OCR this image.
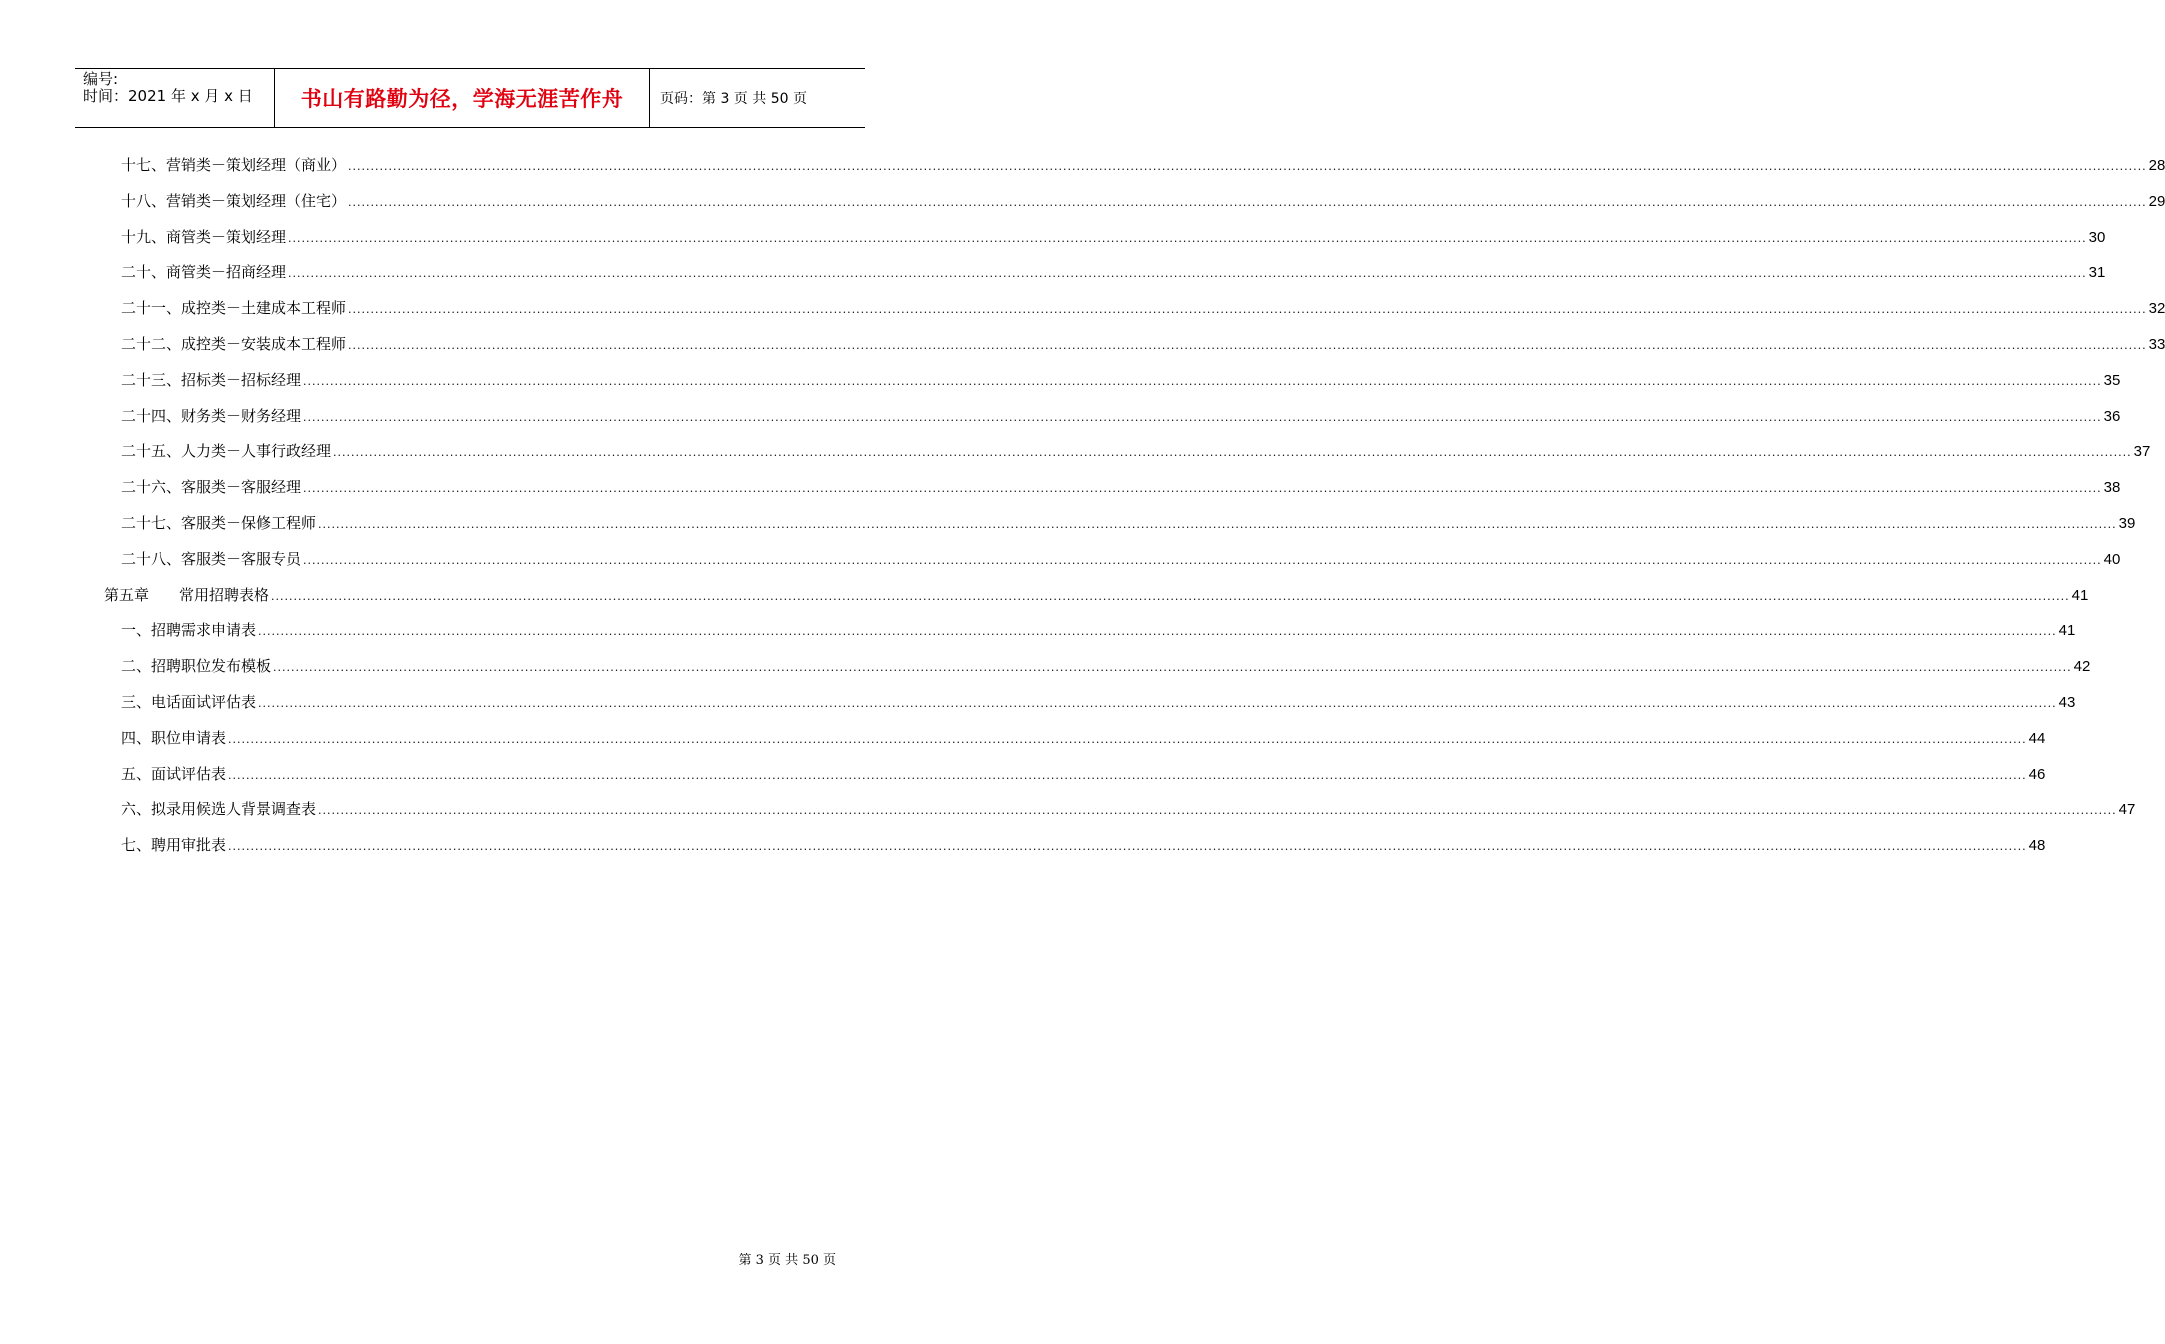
编号:
时间：2021 年 x 月 x 日	书山有路勤为径，学海无涯苦作舟	页码：第 3 页 共 50 页
十七、营销类－策划经理（商业） ................................................................................................................................................................................................................................................................................................................................................................................................................ 28
十八、营销类－策划经理（住宅） ................................................................................................................................................................................................................................................................................................................................................................................................................ 29
十九、商管类－策划经理 ................................................................................................................................................................................................................................................................................................................................................................................................................ 30
二十、商管类－招商经理 ................................................................................................................................................................................................................................................................................................................................................................................................................ 31
二十一、成控类－土建成本工程师 ................................................................................................................................................................................................................................................................................................................................................................................................................ 32
二十二、成控类－安装成本工程师 ................................................................................................................................................................................................................................................................................................................................................................................................................ 33
二十三、招标类－招标经理 ................................................................................................................................................................................................................................................................................................................................................................................................................ 35
二十四、财务类－财务经理 ................................................................................................................................................................................................................................................................................................................................................................................................................ 36
二十五、人力类－人事行政经理 ................................................................................................................................................................................................................................................................................................................................................................................................................ 37
二十六、客服类－客服经理 ................................................................................................................................................................................................................................................................................................................................................................................................................ 38
二十七、客服类－保修工程师 ................................................................................................................................................................................................................................................................................................................................................................................................................ 39
二十八、客服类－客服专员 ................................................................................................................................................................................................................................................................................................................................................................................................................ 40
第五章　　常用招聘表格 ................................................................................................................................................................................................................................................................................................................................................................................................................ 41
一、招聘需求申请表 ................................................................................................................................................................................................................................................................................................................................................................................................................ 41
二、招聘职位发布模板 ................................................................................................................................................................................................................................................................................................................................................................................................................ 42
三、电话面试评估表 ................................................................................................................................................................................................................................................................................................................................................................................................................ 43
四、职位申请表 ................................................................................................................................................................................................................................................................................................................................................................................................................ 44
五、面试评估表 ................................................................................................................................................................................................................................................................................................................................................................................................................ 46
六、拟录用候选人背景调查表 ................................................................................................................................................................................................................................................................................................................................................................................................................ 47
七、聘用审批表 ................................................................................................................................................................................................................................................................................................................................................................................................................ 48
第 3 页 共 50 页
